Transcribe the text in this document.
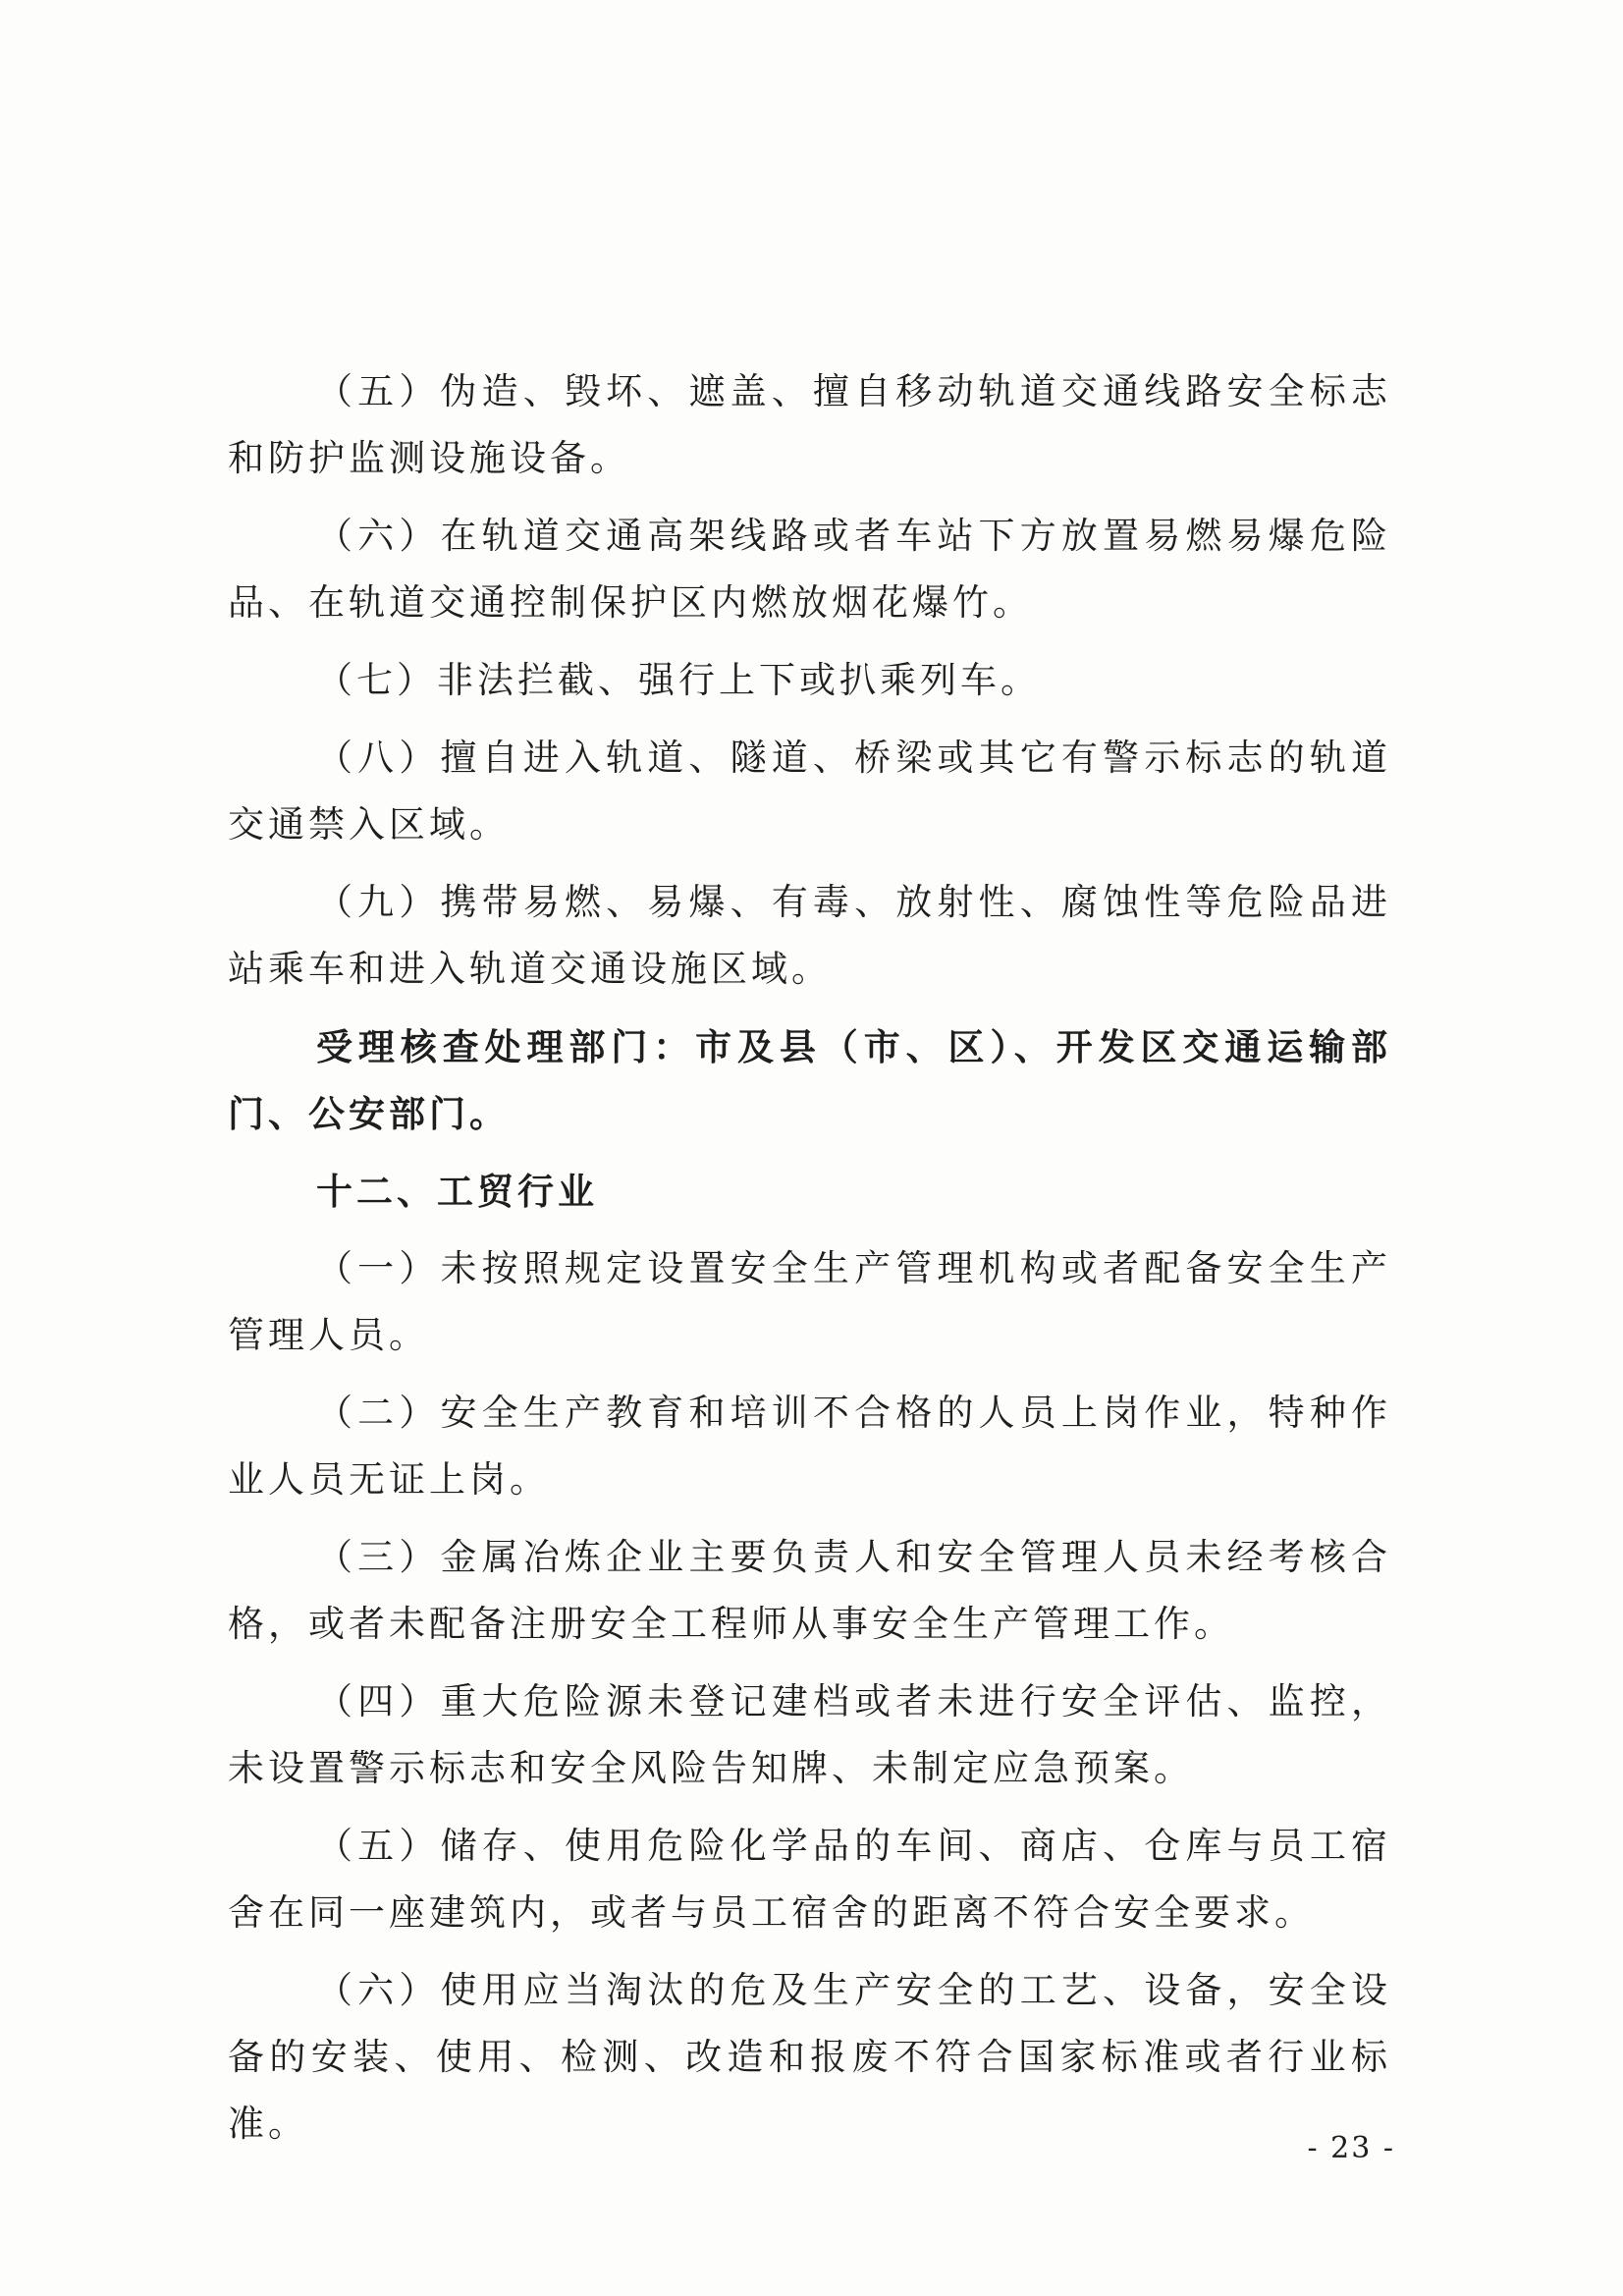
（五）伪造、毁坏、遮盖、擅自移动轨道交通线路安全标志和防护监测设施设备。

（六）在轨道交通高架线路或者车站下方放置易燃易爆危险品、在轨道交通控制保护区内燃放烟花爆竹。

（七）非法拦截、强行上下或扒乘列车。

（八）擅自进入轨道、隧道、桥梁或其它有警示标志的轨道交通禁入区域。

（九）携带易燃、易爆、有毒、放射性、腐蚀性等危险品进站乘车和进入轨道交通设施区域。

受理核查处理部门：市及县（市、区）、开发区交通运输部门、公安部门。

十二、工贸行业

（一）未按照规定设置安全生产管理机构或者配备安全生产管理人员。

（二）安全生产教育和培训不合格的人员上岗作业，特种作业人员无证上岗。

（三）金属冶炼企业主要负责人和安全管理人员未经考核合格，或者未配备注册安全工程师从事安全生产管理工作。

（四）重大危险源未登记建档或者未进行安全评估、监控，未设置警示标志和安全风险告知牌、未制定应急预案。

（五）储存、使用危险化学品的车间、商店、仓库与员工宿舍在同一座建筑内，或者与员工宿舍的距离不符合安全要求。

（六）使用应当淘汰的危及生产安全的工艺、设备，安全设备的安装、使用、检测、改造和报废不符合国家标准或者行业标准。

- 23 -
